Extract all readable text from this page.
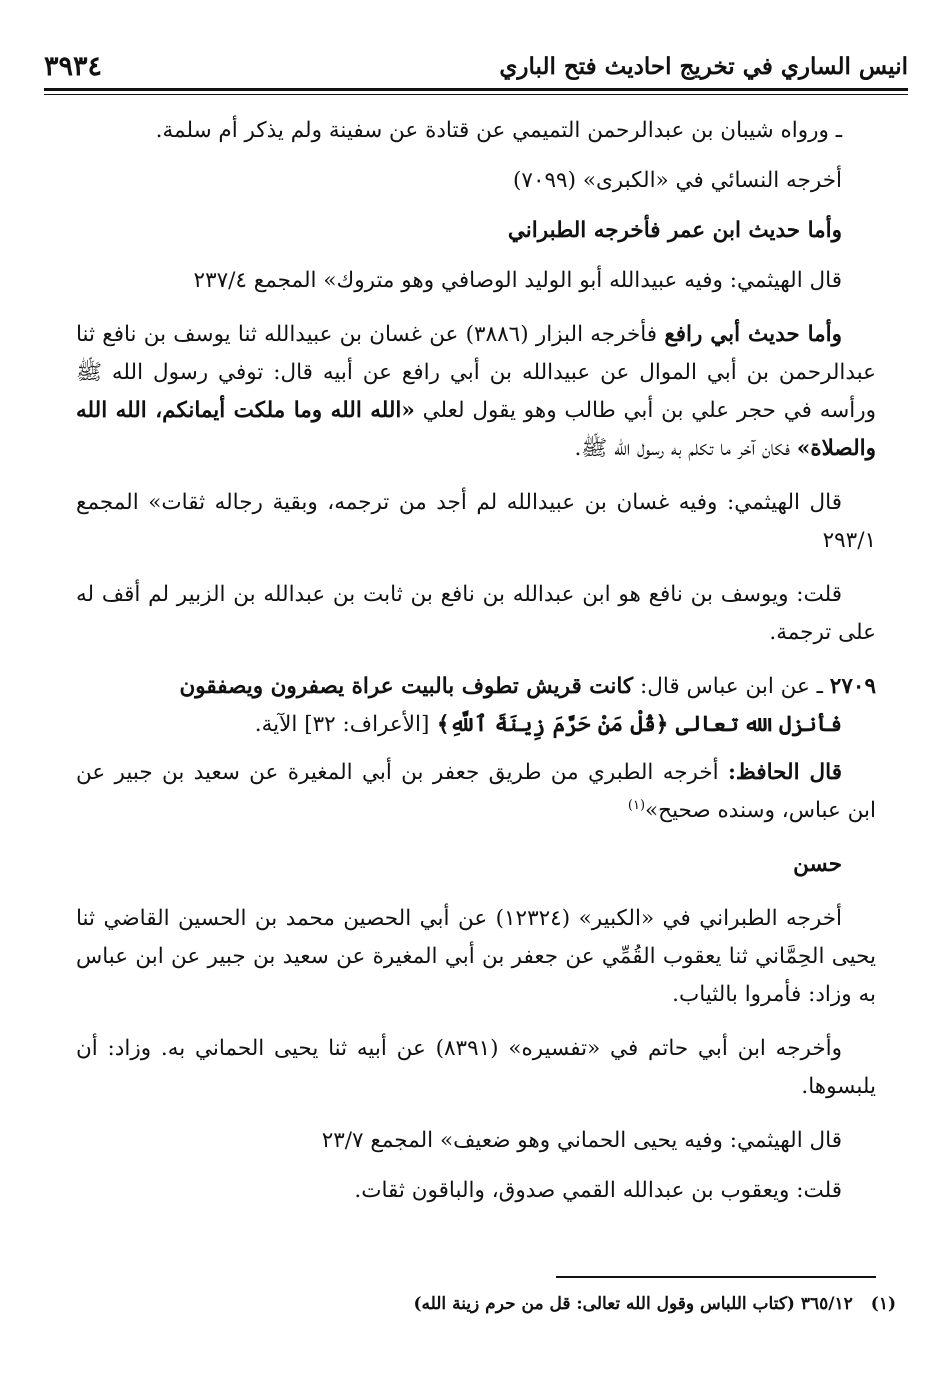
انيس الساري في تخريج احاديث فتح الباري
٣٩٣٤

ـ ورواه شيبان بن عبدالرحمن التميمي عن قتادة عن سفينة ولم يذكر أم سلمة.

أخرجه النسائي في «الكبرى» (٧٠٩٩)

وأما حديث ابن عمر فأخرجه الطبراني

قال الهيثمي: وفيه عبيدالله أبو الوليد الوصافي وهو متروك» المجمع ٢٣٧/٤

وأما حديث أبي رافع فأخرجه البزار (٣٨٨٦) عن غسان بن عبيدالله ثنا يوسف بن نافع ثنا عبدالرحمن بن أبي الموال عن عبيدالله بن أبي رافع عن أبيه قال: توفي رسول الله ﷺ ورأسه في حجر علي بن أبي طالب وهو يقول لعلي «الله الله وما ملكت أيمانكم، الله الله والصلاة» فكان آخر ما تكلم به رسول الله ﷺ.

قال الهيثمي: وفيه غسان بن عبيدالله لم أجد من ترجمه، وبقية رجاله ثقات» المجمع ٢٩٣/١

قلت: ويوسف بن نافع هو ابن عبدالله بن نافع بن ثابت بن عبدالله بن الزبير لم أقف له على ترجمة.

٢٧٠٩ ـ عن ابن عباس قال: كانت قريش تطوف بالبيت عراة يصفرون ويصفقون
فأنزل الله تعالى ﴿قُلْ مَنْ حَرَّمَ زِينَةَ ٱللَّهِ﴾ [الأعراف: ٣٢] الآية.

قال الحافظ: أخرجه الطبري من طريق جعفر بن أبي المغيرة عن سعيد بن جبير عن ابن عباس، وسنده صحيح»$^{(١)}$

حسن

أخرجه الطبراني في «الكبير» (١٢٣٢٤) عن أبي الحصين محمد بن الحسين القاضي ثنا يحيى الحِمَّاني ثنا يعقوب القُمِّي عن جعفر بن أبي المغيرة عن سعيد بن جبير عن ابن عباس به وزاد: فأمروا بالثياب.

وأخرجه ابن أبي حاتم في «تفسيره» (٨٣٩١) عن أبيه ثنا يحيى الحماني به. وزاد: أن يلبسوها.

قال الهيثمي: وفيه يحيى الحماني وهو ضعيف» المجمع ٢٣/٧

قلت: ويعقوب بن عبدالله القمي صدوق، والباقون ثقات.

(١)٣٦٥/١٢ (كتاب اللباس وقول الله تعالى: قل من حرم زينة الله)
